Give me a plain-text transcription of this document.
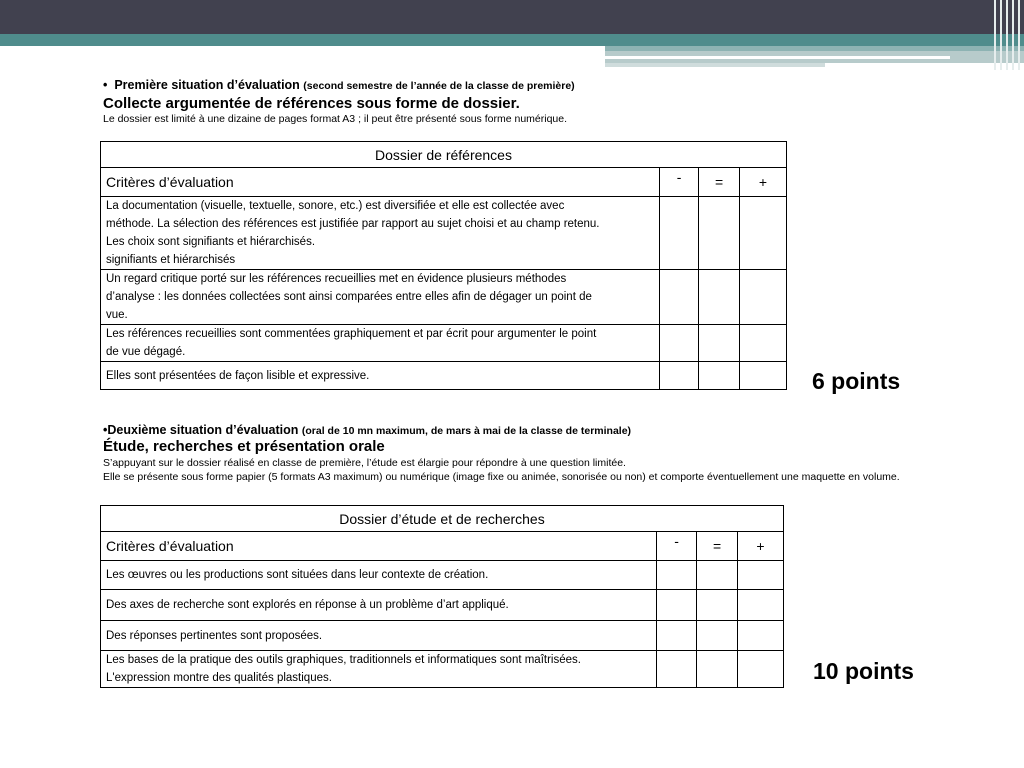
• Première situation d’évaluation (second semestre de l’année de la classe de première)
Collecte argumentée de références sous forme de dossier.
Le dossier est limité à une dizaine de pages format A3 ; il peut être présenté sous forme numérique.
Dossier de références			
Critères d’évaluation	-	=	+

La documentation (visuelle, textuelle, sonore, etc.) est diversifiée et elle est collectée avec
méthode. La sélection des références est justifiée par rapport au sujet choisi et au champ retenu.
Les choix sont signifiants et hiérarchisés.
signifiants et hiérarchisés			

Un regard critique porté sur les références recueillies met en évidence plusieurs méthodes
d’analyse : les données collectées sont ainsi comparées entre elles afin de dégager un point de
vue.			

Les références recueillies sont commentées graphiquement et par écrit pour argumenter le point
de vue dégagé.			

Elles sont présentées de façon lisible et expressive.			
				6 points
•Deuxième situation d’évaluation (oral de 10 mn maximum, de mars à mai de la classe de terminale)
Étude, recherches et présentation orale
S’appuyant sur le dossier réalisé en classe de première, l’étude est élargie pour répondre à une question limitée.
Elle se présente sous forme papier (5 formats A3 maximum) ou numérique (image fixe ou animée, sonorisée ou non) et comporte éventuellement une maquette en volume.
Dossier d’étude et de recherches			
Critères d’évaluation	-	=	+
Les œuvres ou les productions sont situées dans leur contexte de création.			
Des axes de recherche sont explorés en réponse à un problème d’art appliqué.			
Des réponses pertinentes sont proposées.			

Les bases de la pratique des outils graphiques, traditionnels et informatiques sont maîtrisées.
L'expression montre des qualités plastiques.			
				10 points
